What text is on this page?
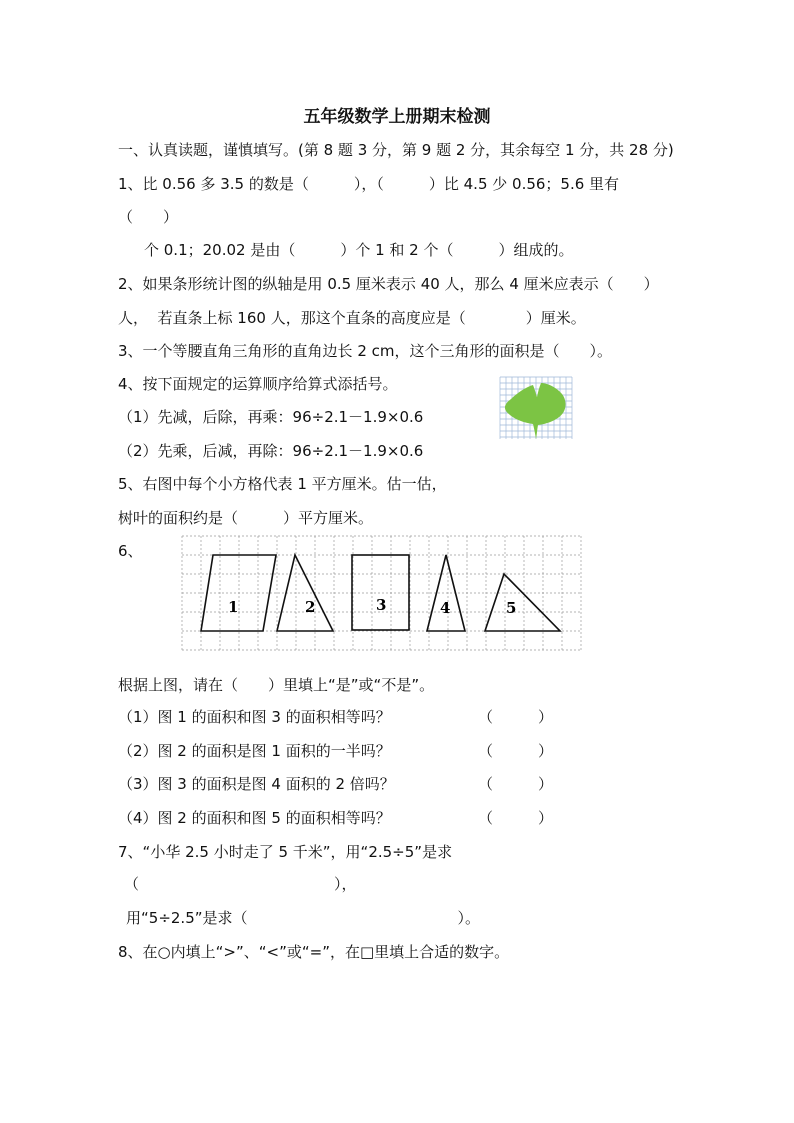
五年级数学上册期末检测
一、认真读题，谨慎填写。(第 8 题 3 分，第 9 题 2 分，其余每空 1 分，共 28 分)
1、比 0.56 多 3.5 的数是（　　　），（　　　）比 4.5 少 0.56；5.6 里有
（　　）
个 0.1；20.02 是由（　　　）个 1 和 2 个（　　　）组成的。
2、如果条形统计图的纵轴是用 0.5 厘米表示 40 人，那么 4 厘米应表示（　　）
人，  若直条上标 160 人，那这个直条的高度应是（　　　　）厘米。
3、一个等腰直角三角形的直角边长 2 cm，这个三角形的面积是（　　）。
4、按下面规定的运算顺序给算式添括号。
（1）先减，后除，再乘：96÷2.1－1.9×0.6
（2）先乘，后减，再除：96÷2.1－1.9×0.6
5、右图中每个小方格代表 1 平方厘米。估一估，
树叶的面积约是（　　　）平方厘米。
6、
1	2	3	4	5
根据上图，请在（　　）里填上“是”或“不是”。
（1）图 1 的面积和图 3 的面积相等吗？	（　　　）
（2）图 2 的面积是图 1 面积的一半吗？	（　　　）
（3）图 3 的面积是图 4 面积的 2 倍吗？	（　　　）
（4）图 2 的面积和图 5 的面积相等吗？	（　　　）
7、“小华 2.5 小时走了 5 千米”，用“2.5÷5”是求
（　　　　　　　　　　　　　），
用“5÷2.5”是求（　　　　　　　　　　　　　　）。
8、在○内填上“>”、“<”或“=”，在□里填上合适的数字。
